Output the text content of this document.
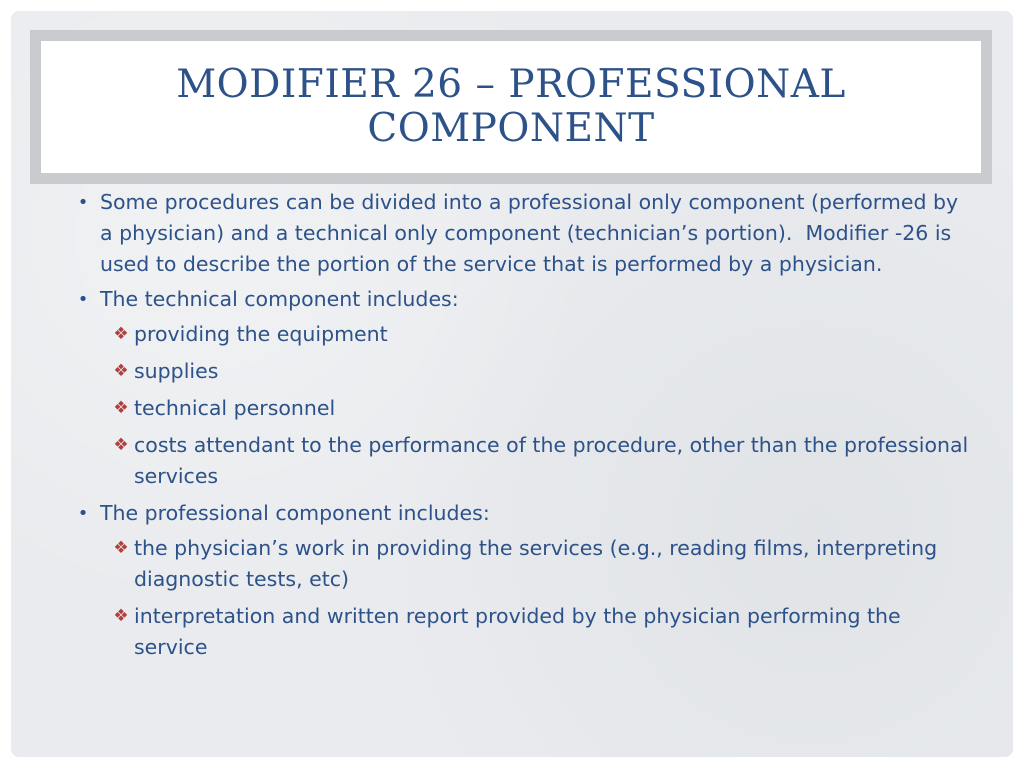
MODIFIER 26 – PROFESSIONAL
COMPONENT
• Some procedures can be divided into a professional only component (performed by a physician) and a technical only component (technician’s portion).  Modifier -26 is used to describe the portion of the service that is performed by a physician.
• The technical component includes:
❖ providing the equipment
❖ supplies
❖ technical personnel
❖ costs attendant to the performance of the procedure, other than the professional services
• The professional component includes:
❖ the physician’s work in providing the services (e.g., reading films, interpreting diagnostic tests, etc)
❖ interpretation and written report provided by the physician performing the service
